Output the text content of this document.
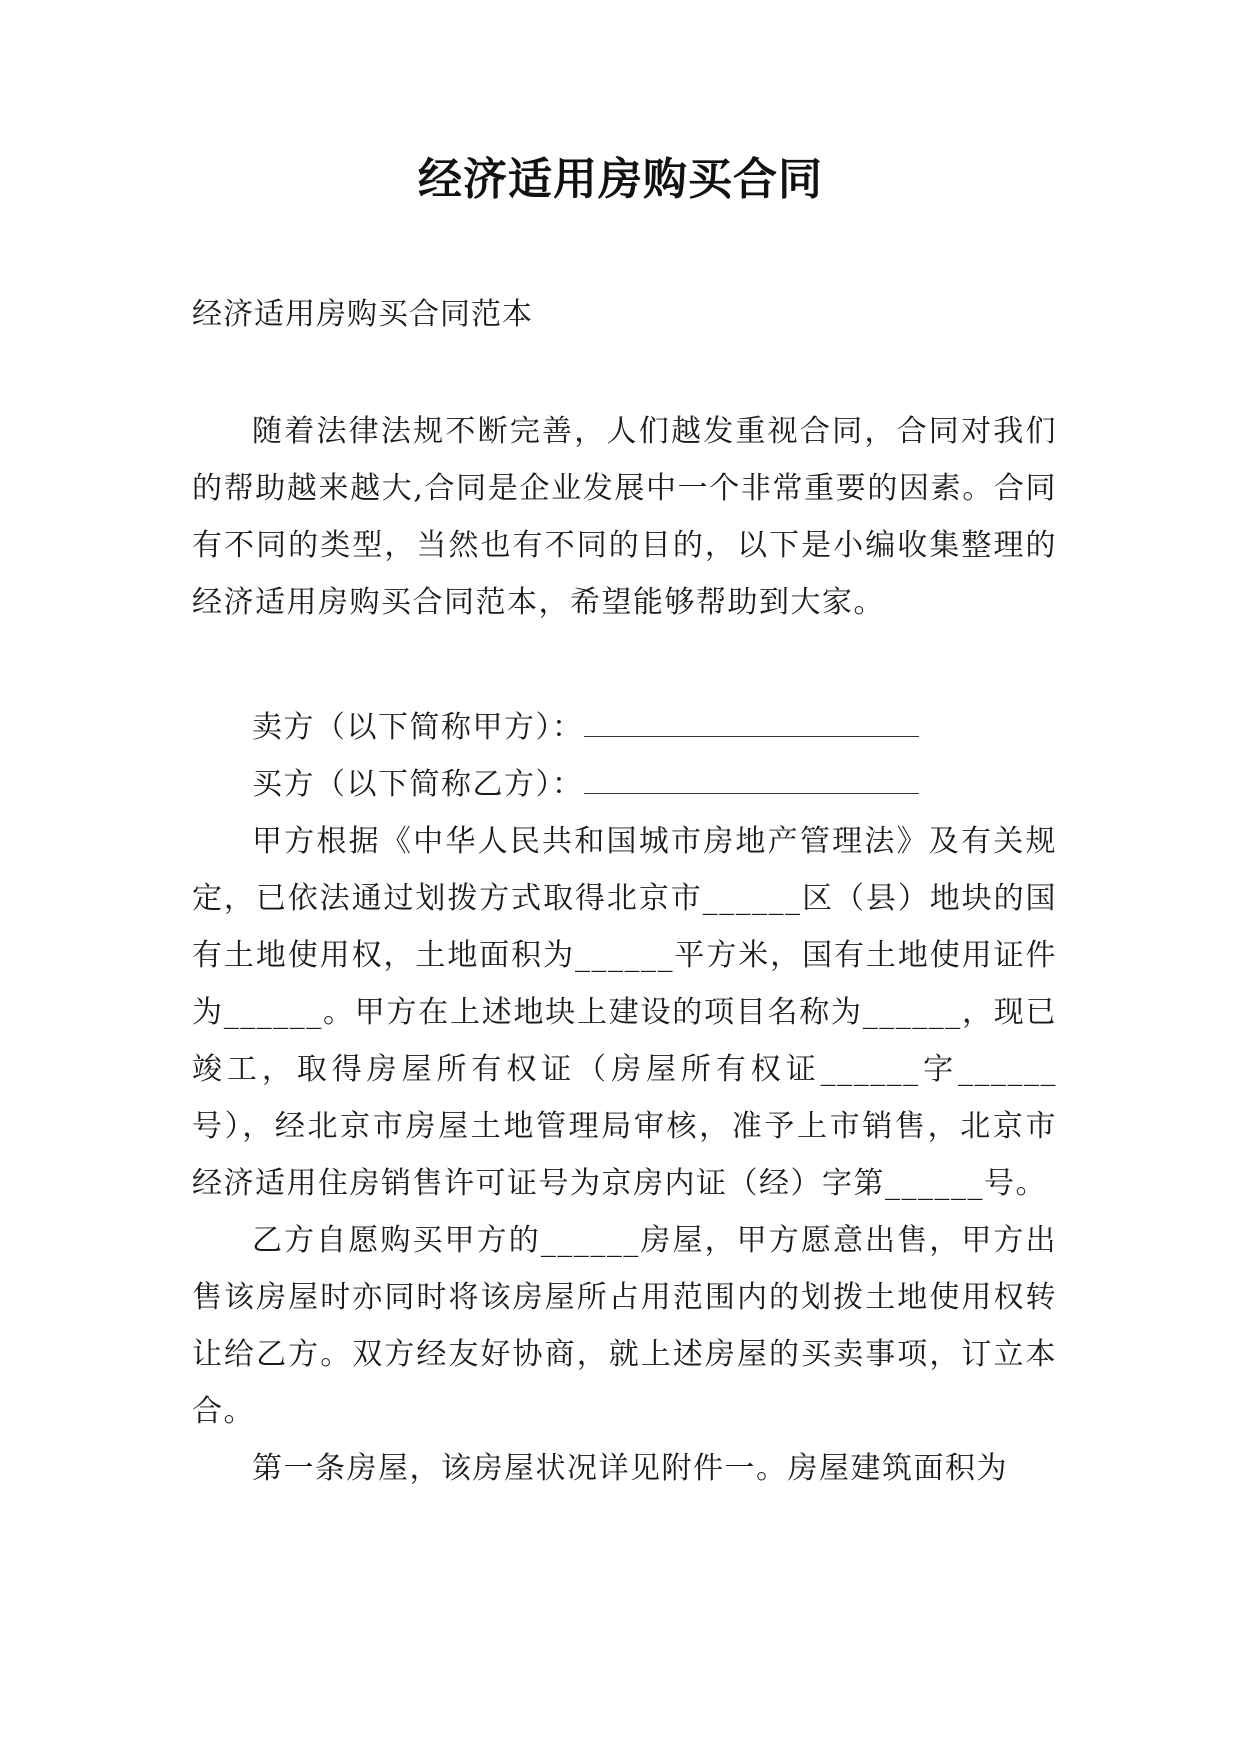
经济适用房购买合同
经济适用房购买合同范本

随着法律法规不断完善，人们越发重视合同，合同对我们的帮助越来越大,合同是企业发展中一个非常重要的因素。合同有不同的类型，当然也有不同的目的，以下是小编收集整理的经济适用房购买合同范本，希望能够帮助到大家。

卖方（以下简称甲方）：

买方（以下简称乙方）：

甲方根据《中华人民共和国城市房地产管理法》及有关规定，已依法通过划拨方式取得北京市______区（县）地块的国有土地使用权，土地面积为______平方米，国有土地使用证件为______。甲方在上述地块上建设的项目名称为______，现已竣工，取得房屋所有权证（房屋所有权证______字______号），经北京市房屋土地管理局审核，准予上市销售，北京市经济适用住房销售许可证号为京房内证（经）字第______号。

乙方自愿购买甲方的______房屋，甲方愿意出售，甲方出售该房屋时亦同时将该房屋所占用范围内的划拨土地使用权转让给乙方。双方经友好协商，就上述房屋的买卖事项，订立本合。

第一条房屋，该房屋状况详见附件一。房屋建筑面积为
